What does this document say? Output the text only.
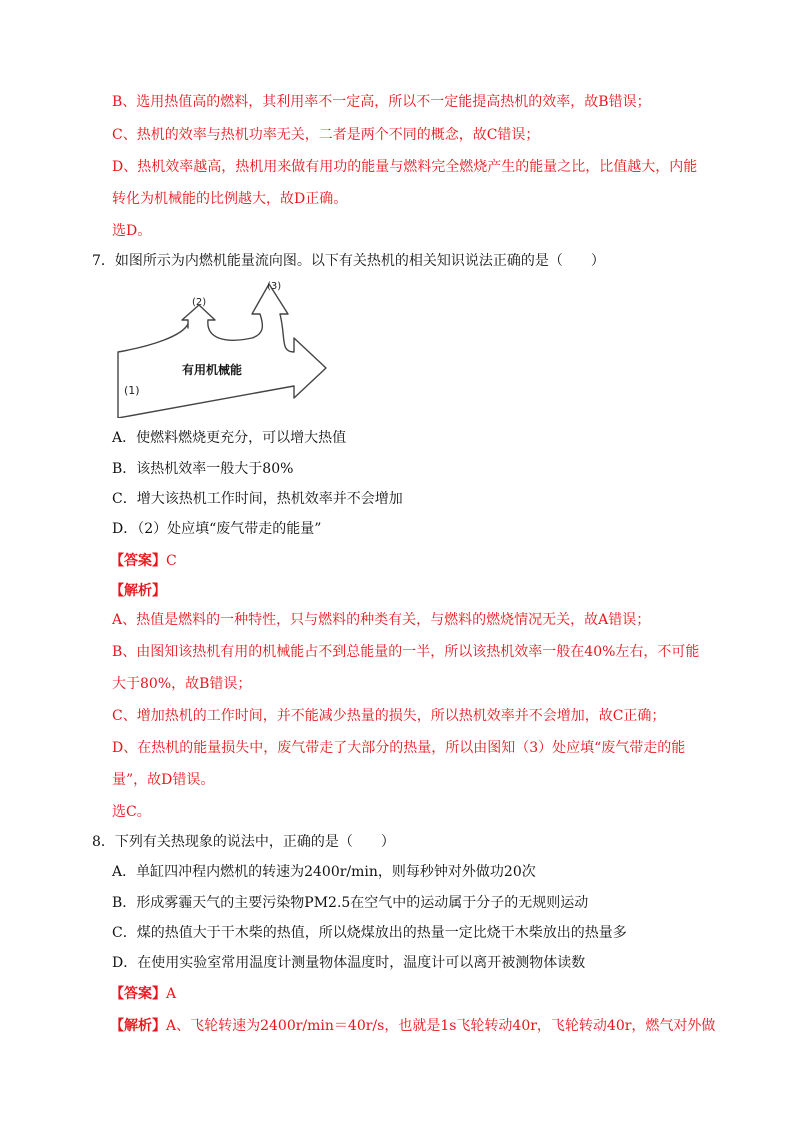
B、选用热值高的燃料，其利用率不一定高，所以不一定能提高热机的效率，故B错误；
C、热机的效率与热机功率无关，二者是两个不同的概念，故C错误；
D、热机效率越高，热机用来做有用功的能量与燃料完全燃烧产生的能量之比，比值越大，内能
转化为机械能的比例越大，故D正确。
选D。
7．如图所示为内燃机能量流向图。以下有关热机的相关知识说法正确的是（　　）
(1)
(2)
(3)
有用机械能
A．使燃料燃烧更充分，可以增大热值
B．该热机效率一般大于80%
C．增大该热机工作时间，热机效率并不会增加
D．（2）处应填“废气带走的能量”
【答案】C
【解析】
A、热值是燃料的一种特性，只与燃料的种类有关，与燃料的燃烧情况无关，故A错误；
B、由图知该热机有用的机械能占不到总能量的一半，所以该热机效率一般在40%左右，不可能
大于80%，故B错误；
C、增加热机的工作时间，并不能减少热量的损失，所以热机效率并不会增加，故C正确；
D、在热机的能量损失中，废气带走了大部分的热量，所以由图知（3）处应填“废气带走的能
量”，故D错误。
选C。
8．下列有关热现象的说法中，正确的是（　　）
A．单缸四冲程内燃机的转速为2400r/min，则每秒钟对外做功20次
B．形成雾霾天气的主要污染物PM2.5在空气中的运动属于分子的无规则运动
C．煤的热值大于干木柴的热值，所以烧煤放出的热量一定比烧干木柴放出的热量多
D．在使用实验室常用温度计测量物体温度时，温度计可以离开被测物体读数
【答案】A
【解析】A、飞轮转速为2400r/min＝40r/s，也就是1s飞轮转动40r，飞轮转动40r，燃气对外做
